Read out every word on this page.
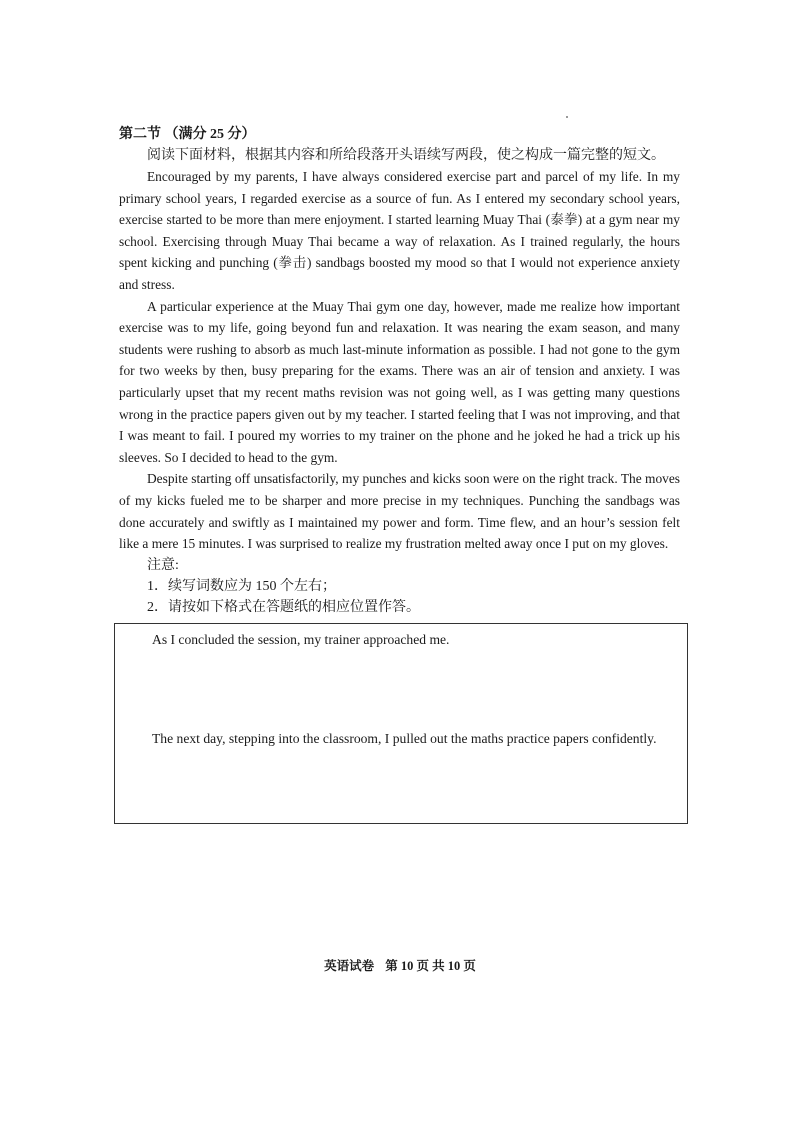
第二节 （满分 25 分）

阅读下面材料，根据其内容和所给段落开头语续写两段，使之构成一篇完整的短文。

Encouraged by my parents, I have always considered exercise part and parcel of my life. In my primary school years, I regarded exercise as a source of fun. As I entered my secondary school years, exercise started to be more than mere enjoyment. I started learning Muay Thai (泰拳) at a gym near my school. Exercising through Muay Thai became a way of relaxation. As I trained regularly, the hours spent kicking and punching (拳击) sandbags boosted my mood so that I would not experience anxiety and stress.

A particular experience at the Muay Thai gym one day, however, made me realize how important exercise was to my life, going beyond fun and relaxation. It was nearing the exam season, and many students were rushing to absorb as much last-minute information as possible. I had not gone to the gym for two weeks by then, busy preparing for the exams. There was an air of tension and anxiety. I was particularly upset that my recent maths revision was not going well, as I was getting many questions wrong in the practice papers given out by my teacher. I started feeling that I was not improving, and that I was meant to fail. I poured my worries to my trainer on the phone and he joked he had a trick up his sleeves. So I decided to head to the gym.

Despite starting off unsatisfactorily, my punches and kicks soon were on the right track. The moves of my kicks fueled me to be sharper and more precise in my techniques. Punching the sandbags was done accurately and swiftly as I maintained my power and form. Time flew, and an hour’s session felt like a mere 15 minutes. I was surprised to realize my frustration melted away once I put on my gloves.

注意:

1．续写词数应为 150 个左右；

2．请按如下格式在答题纸的相应位置作答。

As I concluded the session, my trainer approached me.

The next day, stepping into the classroom, I pulled out the maths practice papers confidently.

英语试卷 第 10 页 共 10 页
